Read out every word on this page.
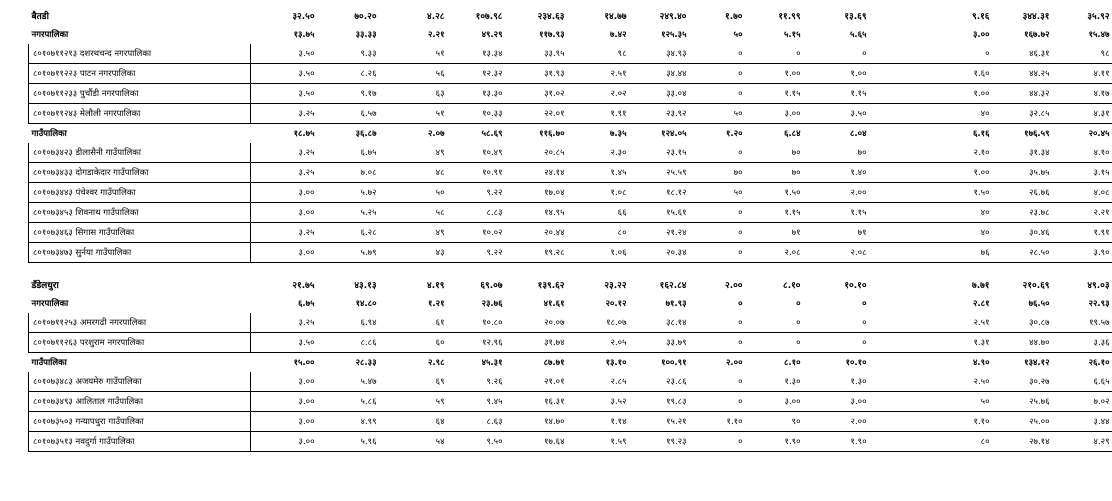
बैतडी	३२.५०	७०.२०	४.२८	१०७.९८	२३४.६३	१४.७७	२४९.४०	१.७०	११.९९	१३.६९		९.१६	३४४.३१	३५.९२	
नगरपालिका	१३.७५	३३.३३	२.२१	४९.२९	११७.९३	७.४२	१२५.३५	५०	५.१५	५.६५		३.००	१६७.७२	१५.४७	
८०१०७११२१३ दशरथचन्द नगरपालिका	३.५०	९.३३	५१	१३.३४	३३.९५	९८	३४.९३	०	०	०		०	४६.३१	९८	
८०१०७११२२३ पाटन नगरपालिका	३.५०	८.२६	५६	१२.३२	३१.९३	२.५१	३४.४४	०	१.००	१.००		१.६०	४४.२५	४.११	
८०१०७११२३३ पुर्चौडी नगरपालिका	३.५०	९.१७	६३	१३.३०	३१.०२	२.०२	३३.०४	०	१.१५	१.१५		१.००	४४.३२	४.१७	
८०१०७११२४३ मेलौली नगरपालिका	३.२५	६.५७	५१	१०.३३	२२.०१	१.९१	२३.९२	५०	३.००	३.५०		४०	३२.८५	४.३१	
गाउँपालिका	१८.७५	३६.८७	२.०७	५८.६९	११६.७०	७.३५	१२४.०५	१.२०	६.८४	८.०४		६.१६	१७६.५९	२०.४५	
८०१०७३४२३ डीलासैनी गाउँपालिका	३.२५	६.७५	४९	१०.४९	२०.८५	२.३०	२३.१५	०	७०	७०		२.१०	३१.३४	४.१०	
८०१०७३४३३ दोगडाकेदार गाउँपालिका	३.२५	७.०८	४८	१०.९१	२४.१४	१.४५	२५.५९	७०	७०	१.४०		१.००	३५.७५	३.१५	
८०१०७३४४३ पंचेश्वर गाउँपालिका	३.००	५.७२	५०	९.२२	१७.०४	१.०८	१८.१२	५०	१.५०	२.००		१.५०	२६.७६	४.०८	
८०१०७३४५३ शिवनाथ गाउँपालिका	३.००	५.२५	५८	८.८३	१४.९५	६६	१५.६१	०	१.१५	१.१५		४०	२३.७८	२.२१	
८०१०७३४६३ सिगास गाउँपालिका	३.२५	६.२८	४९	१०.०२	२०.४४	८०	२१.२४	०	७१	७१		४०	३०.४६	१.९१	
८०१०७३४७३ सुर्नया गाउँपालिका	३.००	५.७९	४३	९.२२	१९.२८	१.०६	२०.३४	०	२.०८	२.०८		७६	२८.५०	३.९०	

डँडेलधुरा	२१.७५	४३.१३	४.१९	६९.०७	१३९.६२	२३.२२	१६२.८४	२.००	८.१०	१०.१०		७.७१	२१०.६९	४९.०३	
नगरपालिका	६.७५	१४.८०	१.२१	२३.७६	४१.६१	२०.१२	७१.९३	०	०	०		२.८१	७६.५०	२२.९३	
८०१०७११२५३ अमरगढी नगरपालिका	३.२५	६.९४	६१	१०.८०	२०.०७	१८.०७	३८.१४	०	०	०		२.५१	३०.८७	१९.५७	
८०१०७११२६३ परशुराम नगरपालिका	३.५०	८.८६	६०	१२.९६	३१.७४	२.०५	३३.७९	०	०	०		१.३१	४४.७०	३.३६	
गाउँपालिका	१५.००	२८.३३	२.९८	४५.३१	८७.७१	१३.१०	१००.९१	२.००	८.१०	१०.१०		४.९०	१३४.१२	२६.१०	
८०१०७३४८३ अजयमेरु गाउँपालिका	३.००	५.४७	६९	९.२६	२१.०१	२.८५	२३.८६	०	१.३०	१.३०		२.५०	३०.२७	६.६५	
८०१०७३४९३ आलिताल गाउँपालिका	३.००	५.८६	५९	९.४५	१६.३१	३.५२	१९.८३	०	३.००	३.००		५०	२५.७६	७.०२	
८०१०७३५०३ गन्यापधुरा गाउँपालिका	३.००	४.९९	६४	८.६३	१४.७०	१.१४	१५.२१	१.१०	९०	२.००		१.१०	२५.००	३.४४	
८०१०७३५१३ नवदुर्गा गाउँपालिका	३.००	५.९६	५४	९.५०	१७.६४	१.५९	१९.२३	०	१.९०	१.९०		८०	२७.१४	४.२९	
